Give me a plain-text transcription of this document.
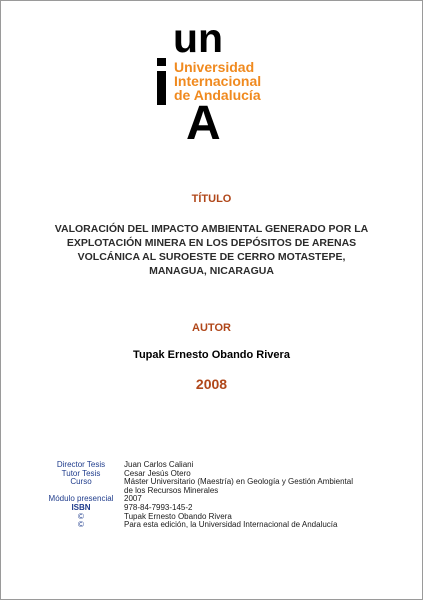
un
A
Universidad
Internacional
de Andalucía
TÍTULO
VALORACIÓN DEL IMPACTO AMBIENTAL GENERADO POR LA
EXPLOTACIÓN MINERA EN LOS DEPÓSITOS DE ARENAS
VOLCÁNICA AL SUROESTE DE CERRO MOTASTEPE,
MANAGUA, NICARAGUA
AUTOR
Tupak Ernesto Obando Rivera
2008
Director Tesis	Juan Carlos Caliani
Tutor Tesis	Cesar Jesús Otero
Curso	Máster Universitario (Maestría) en Geología y Gestión Ambiental
de los Recursos Minerales
Módulo presencial	2007
ISBN	978-84-7993-145-2
©	Tupak Ernesto Obando Rivera
©	Para esta edición, la Universidad Internacional de Andalucía
